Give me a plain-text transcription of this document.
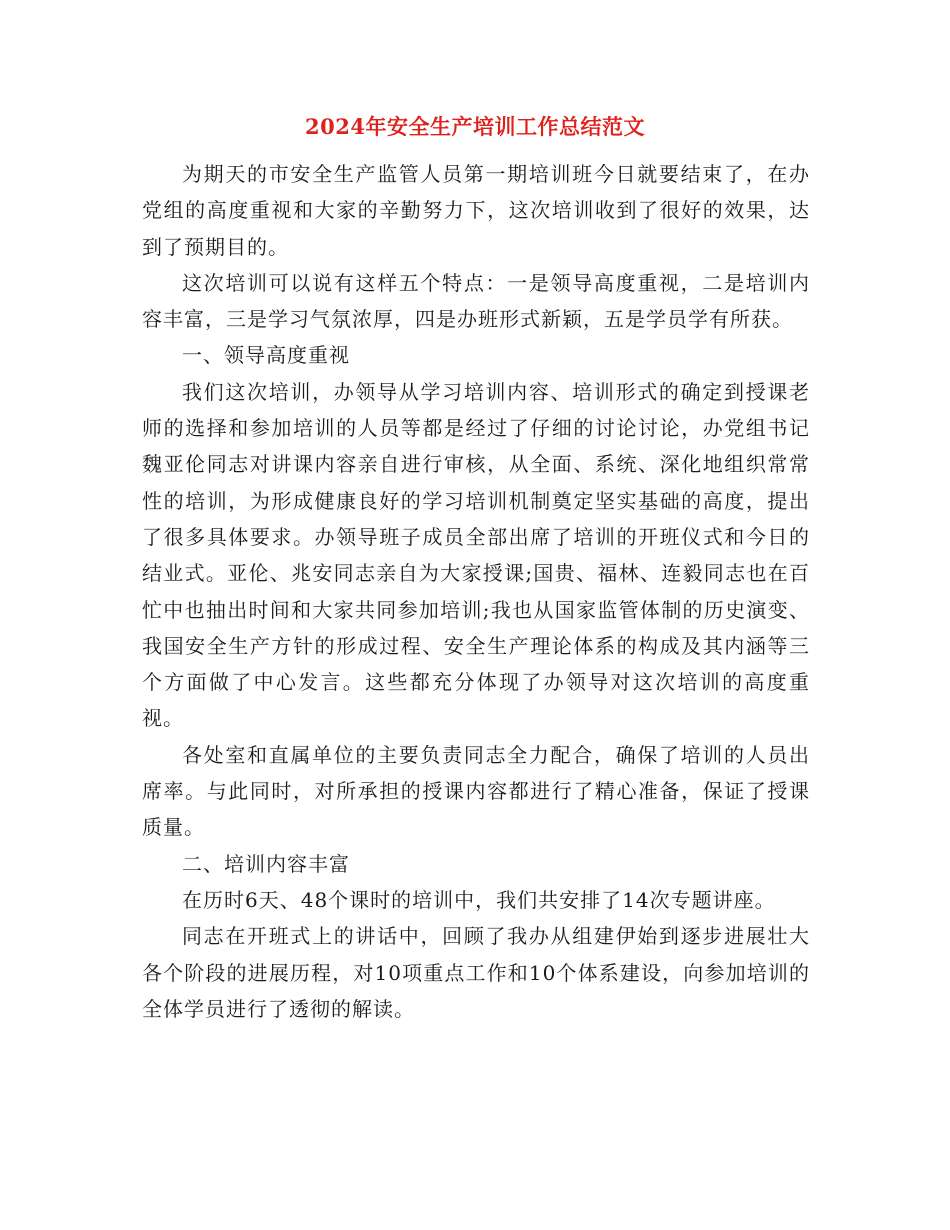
2024年安全生产培训工作总结范文

为期天的市安全生产监管人员第一期培训班今日就要结束了，在办党组的高度重视和大家的辛勤努力下，这次培训收到了很好的效果，达到了预期目的。

这次培训可以说有这样五个特点：一是领导高度重视，二是培训内容丰富，三是学习气氛浓厚，四是办班形式新颖，五是学员学有所获。

一、领导高度重视

我们这次培训，办领导从学习培训内容、培训形式的确定到授课老师的选择和参加培训的人员等都是经过了仔细的讨论讨论，办党组书记魏亚伦同志对讲课内容亲自进行审核，从全面、系统、深化地组织常常性的培训，为形成健康良好的学习培训机制奠定坚实基础的高度，提出了很多具体要求。办领导班子成员全部出席了培训的开班仪式和今日的结业式。亚伦、兆安同志亲自为大家授课;国贵、福林、连毅同志也在百忙中也抽出时间和大家共同参加培训;我也从国家监管体制的历史演变、我国安全生产方针的形成过程、安全生产理论体系的构成及其内涵等三个方面做了中心发言。这些都充分体现了办领导对这次培训的高度重视。

各处室和直属单位的主要负责同志全力配合，确保了培训的人员出席率。与此同时，对所承担的授课内容都进行了精心准备，保证了授课质量。

二、培训内容丰富

在历时6天、48个课时的培训中，我们共安排了14次专题讲座。

同志在开班式上的讲话中，回顾了我办从组建伊始到逐步进展壮大各个阶段的进展历程，对10项重点工作和10个体系建设，向参加培训的全体学员进行了透彻的解读。
